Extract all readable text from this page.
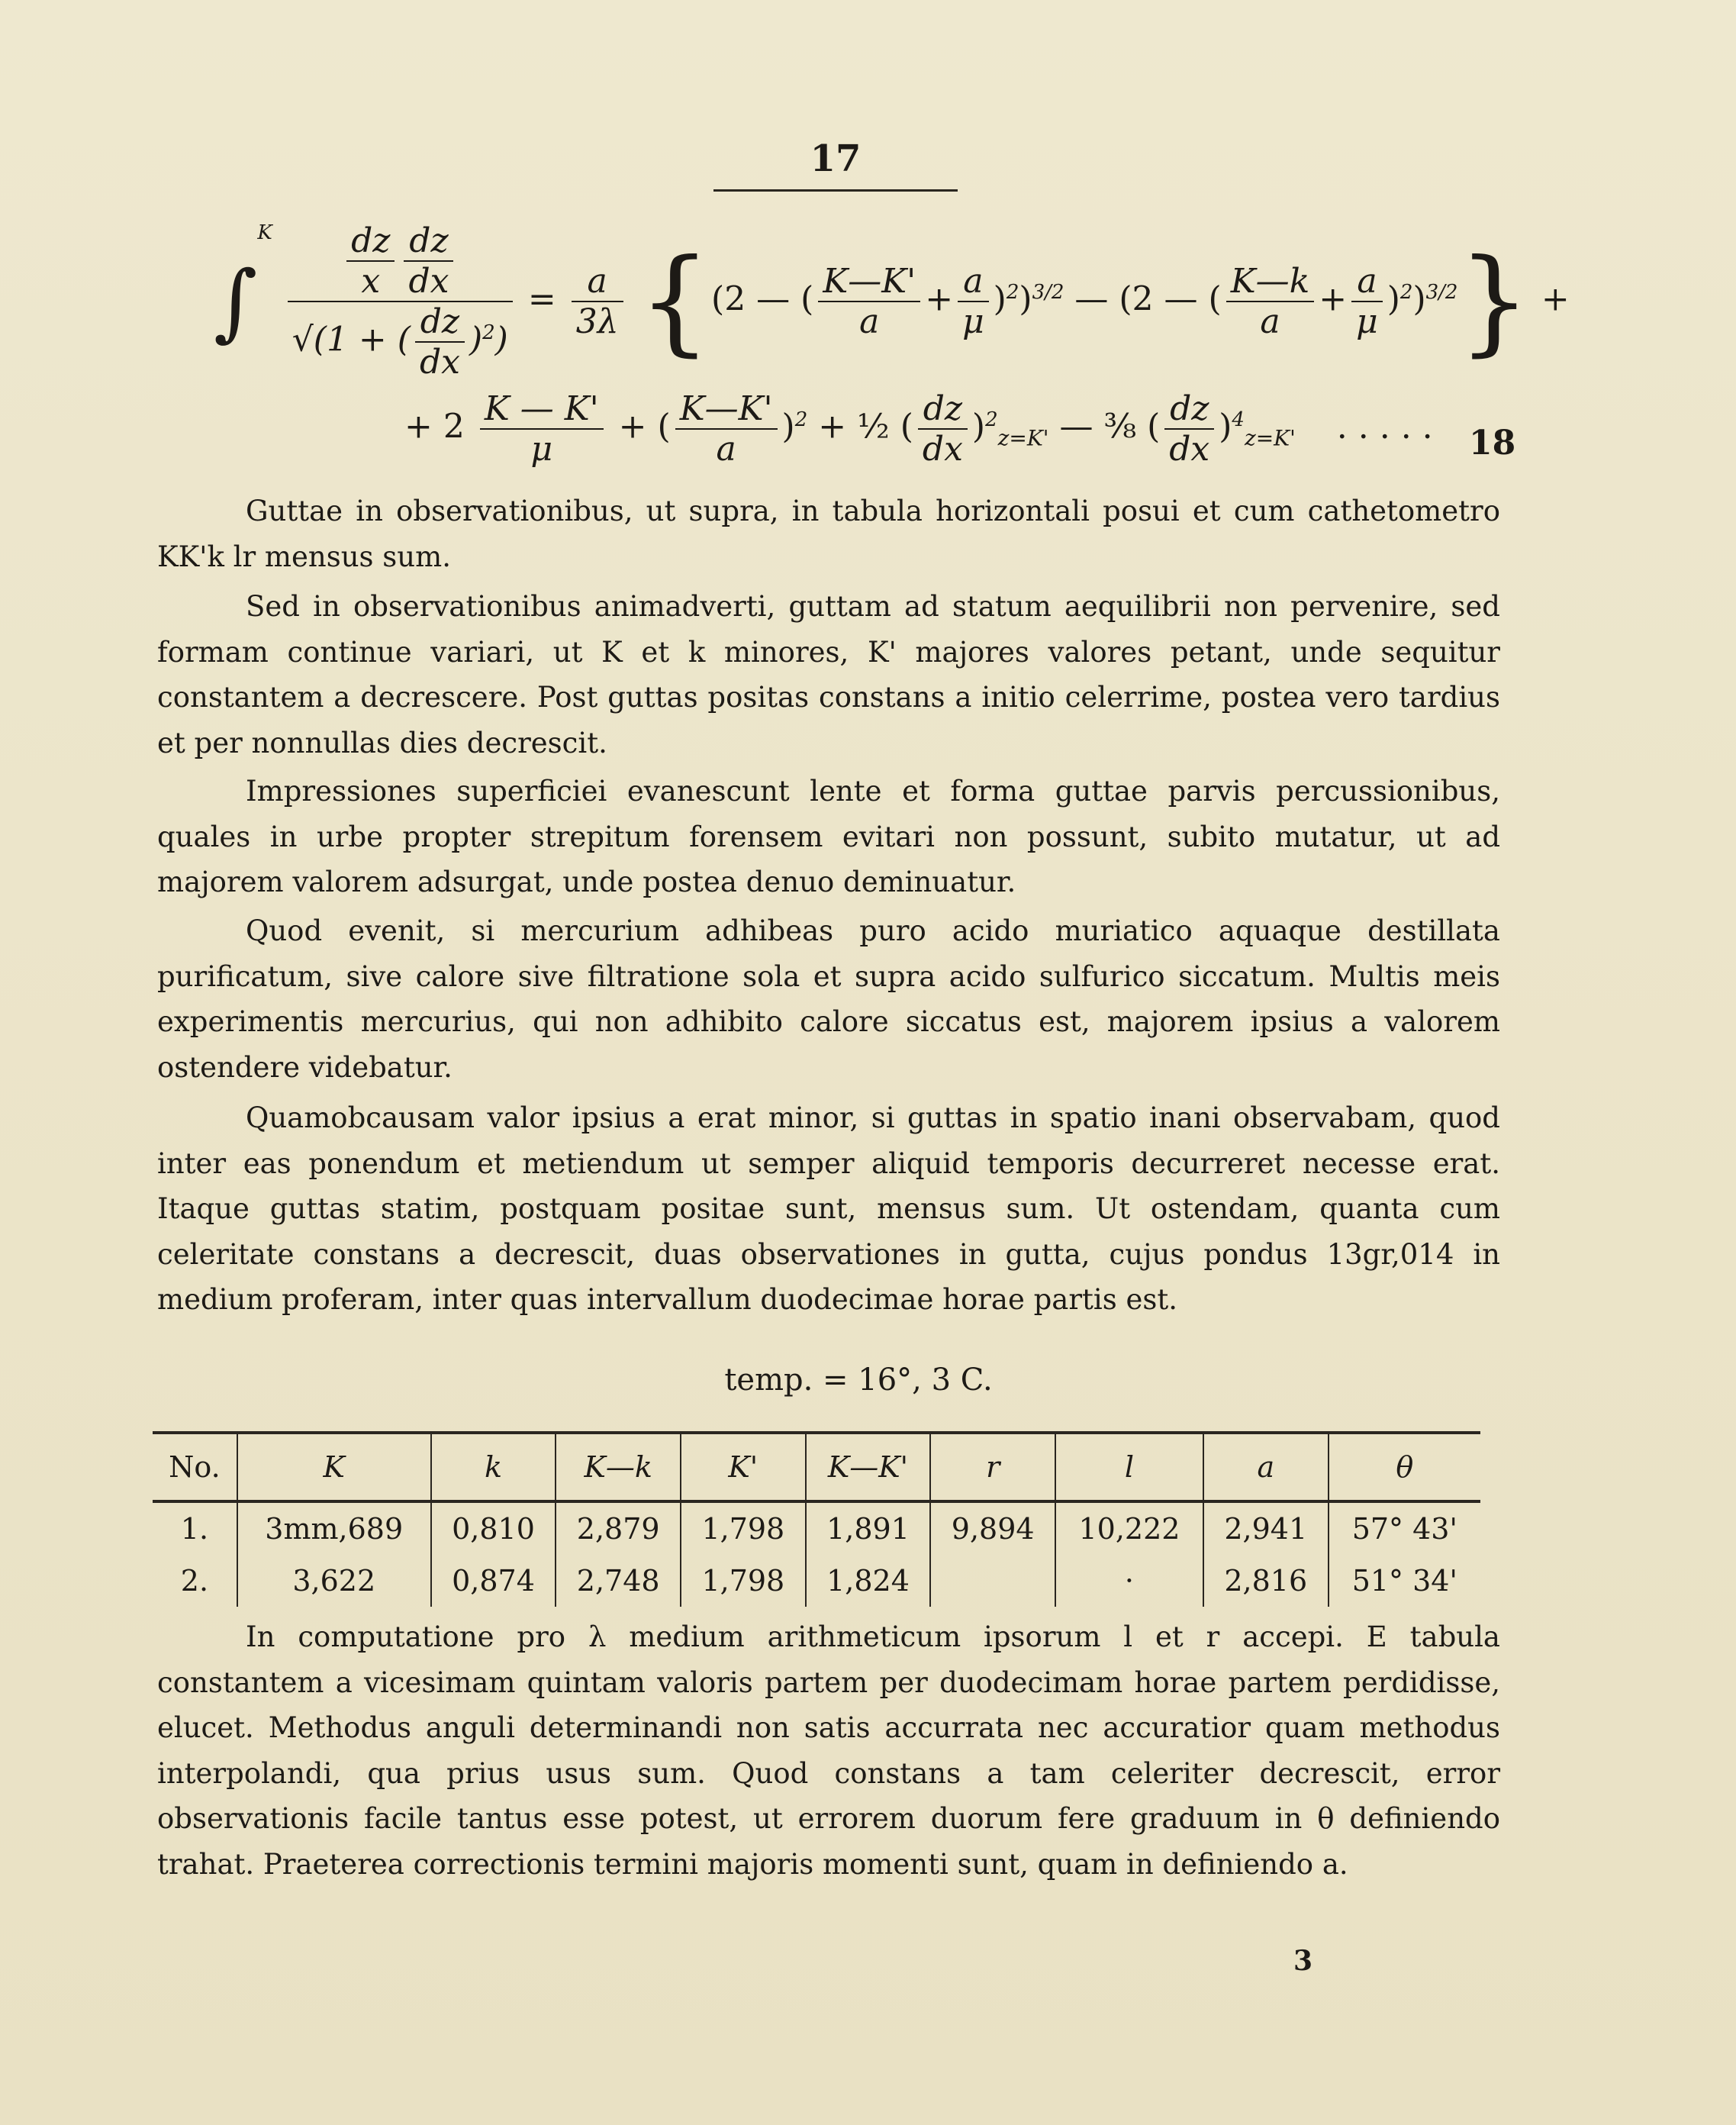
17
$\int^K \frac{\frac{dz}{x} \frac{dz}{dx}}{√(1 + ( \frac{dz}{dx} )^2)} = \frac{a}{3\lambda} \{(2$ — ( $\frac{K—K'}{a} + \frac{a}{\mu} )^2)^{3/2}$ — (2 — ( $\frac{K—k}{a} + \frac{a}{\mu} )^2)^{3/2}$} +
+ $2 \frac{K — K'}{\mu}$ + ( $\frac{K—K'}{a} )^2$ + ½ ( $\frac{dz}{dx} )^2_{z=K'}$ — ⅜ ( $\frac{dz}{dx} )^4_{z=K'}$ . . . . .	18

Guttae in observationibus, ut supra, in tabula horizontali posui et cum cathetometro KK'k lr mensus sum.

Sed in observationibus animadverti, guttam ad statum aequilibrii non pervenire, sed formam continue variari, ut K et k minores, K' majores valores petant, unde sequitur constantem a decrescere. Post guttas positas constans a initio celerrime, postea vero tardius et per nonnullas dies decrescit.

Impressiones superficiei evanescunt lente et forma guttae parvis percussionibus, quales in urbe propter strepitum forensem evitari non possunt, subito mutatur, ut ad majorem valorem adsurgat, unde postea denuo deminuatur.

Quod evenit, si mercurium adhibeas puro acido muriatico aquaque destillata purificatum, sive calore sive filtratione sola et supra acido sulfurico siccatum. Multis meis experimentis mercurius, qui non adhibito calore siccatus est, majorem ipsius a valorem ostendere videbatur.

Quamobcausam valor ipsius a erat minor, si guttas in spatio inani observabam, quod inter eas ponendum et metiendum ut semper aliquid temporis decurreret necesse erat. Itaque guttas statim, postquam positae sunt, mensus sum. Ut ostendam, quanta cum celeritate constans a decrescit, duas observationes in gutta, cujus pondus 13gr,014 in medium proferam, inter quas intervallum duodecimae horae partis est.

temp. = 16°, 3 C.
No.	K	k	K—k	K'	K—K'	r	l	a	θ
1.	3mm,689	0,810	2,879	1,798	1,891	9,894	10,222	2,941	57° 43'
2.	3,622	0,874	2,748	1,798	1,824		·	2,816	51° 34'

In computatione pro λ medium arithmeticum ipsorum l et r accepi. E tabula constantem a vicesimam quintam valoris partem per duodecimam horae partem perdidisse, elucet. Methodus anguli determinandi non satis accurrata nec accuratior quam methodus interpolandi, qua prius usus sum. Quod constans a tam celeriter decrescit, error observationis facile tantus esse potest, ut errorem duorum fere graduum in θ definiendo trahat. Praeterea correctionis termini majoris momenti sunt, quam in definiendo a.

3
